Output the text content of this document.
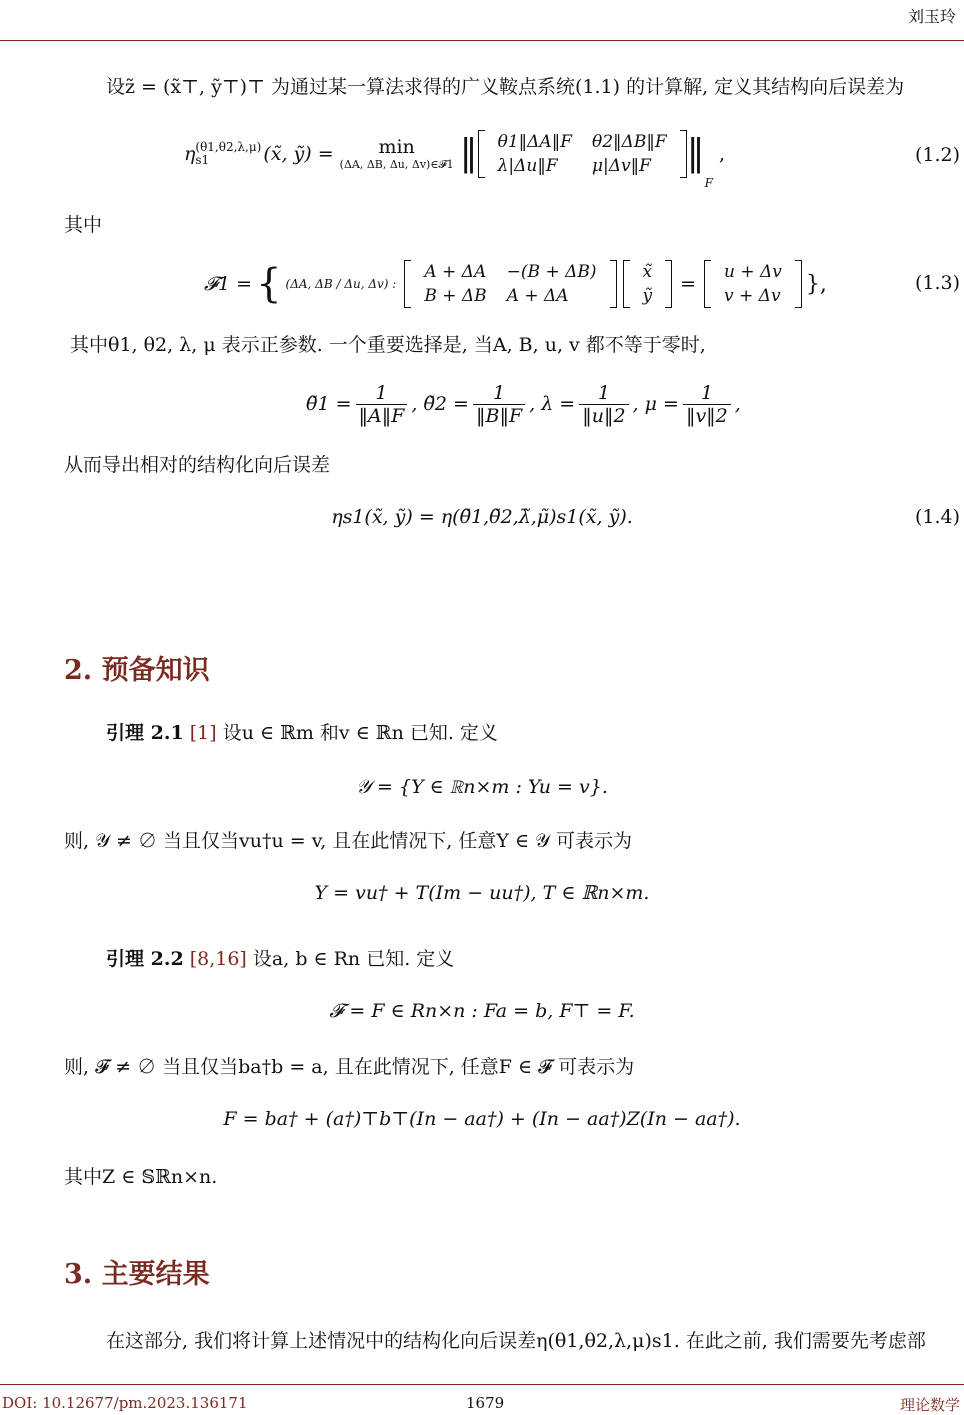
刘玉玲
设z̃ = (x̃⊤, ỹ⊤)⊤ 为通过某一算法求得的广义鞍点系统(1.1) 的计算解, 定义其结构向后误差为
η (θ1,θ2,λ,μ)
s1	(x̃, ỹ) = min
(ΔA, ΔB, Δu, Δv)∈𝓕1 ‖ θ1‖ΔA‖F	θ2‖ΔB‖F
λ|Δu‖F	μ|Δv‖F ‖
F
,	(1.2)
其中
𝓕1 = { (ΔA, ΔB / Δu, Δv) :
A + ΔA	−(B + ΔB)
B + ΔB	A + ΔA
x̃
ỹ
=
u + Δv
v + Δv },	(1.3)
其中θ1, θ2, λ, μ 表示正参数. 一个重要选择是, 当A, B, u, v 都不等于零时,
θ̃1 = $\frac{1}{‖A‖F}$ , θ̃2 = $\frac{1}{‖B‖F}$ , $\lambda = \frac{1}{‖u‖2}$ , $\mu = \frac{1}{‖v‖2}$ ,
从而导出相对的结构化向后误差
ηs1(x̃, ỹ) = η(θ̃1,θ̃2,λ̃,μ̃)s1(x̃, ỹ).	(1.4)
2. 预备知识
引理 2.1 [1] 设u ∈ ℝm 和v ∈ ℝn 已知. 定义
𝒴 = {Y ∈ ℝn×m : Yu = v}.
则, 𝒴 ≠ ∅ 当且仅当vu†u = v, 且在此情况下, 任意Y ∈ 𝒴 可表示为
Y = vu† + T(Im − uu†), T ∈ ℝn×m.
引理 2.2 [8,16] 设a, b ∈ Rn 已知. 定义
𝓕 = F ∈ Rn×n : Fa = b, F⊤ = F.
则, 𝓕 ≠ ∅ 当且仅当ba†b = a, 且在此情况下, 任意F ∈ 𝓕 可表示为
F = ba† + (a†)⊤b⊤(In − aa†) + (In − aa†)Z(In − aa†).
其中Z ∈ 𝕊ℝn×n.
3. 主要结果
在这部分, 我们将计算上述情况中的结构化向后误差η(θ1,θ2,λ,μ)s1. 在此之前, 我们需要先考虑部
DOI: 10.12677/pm.2023.136171	1679	理论数学
